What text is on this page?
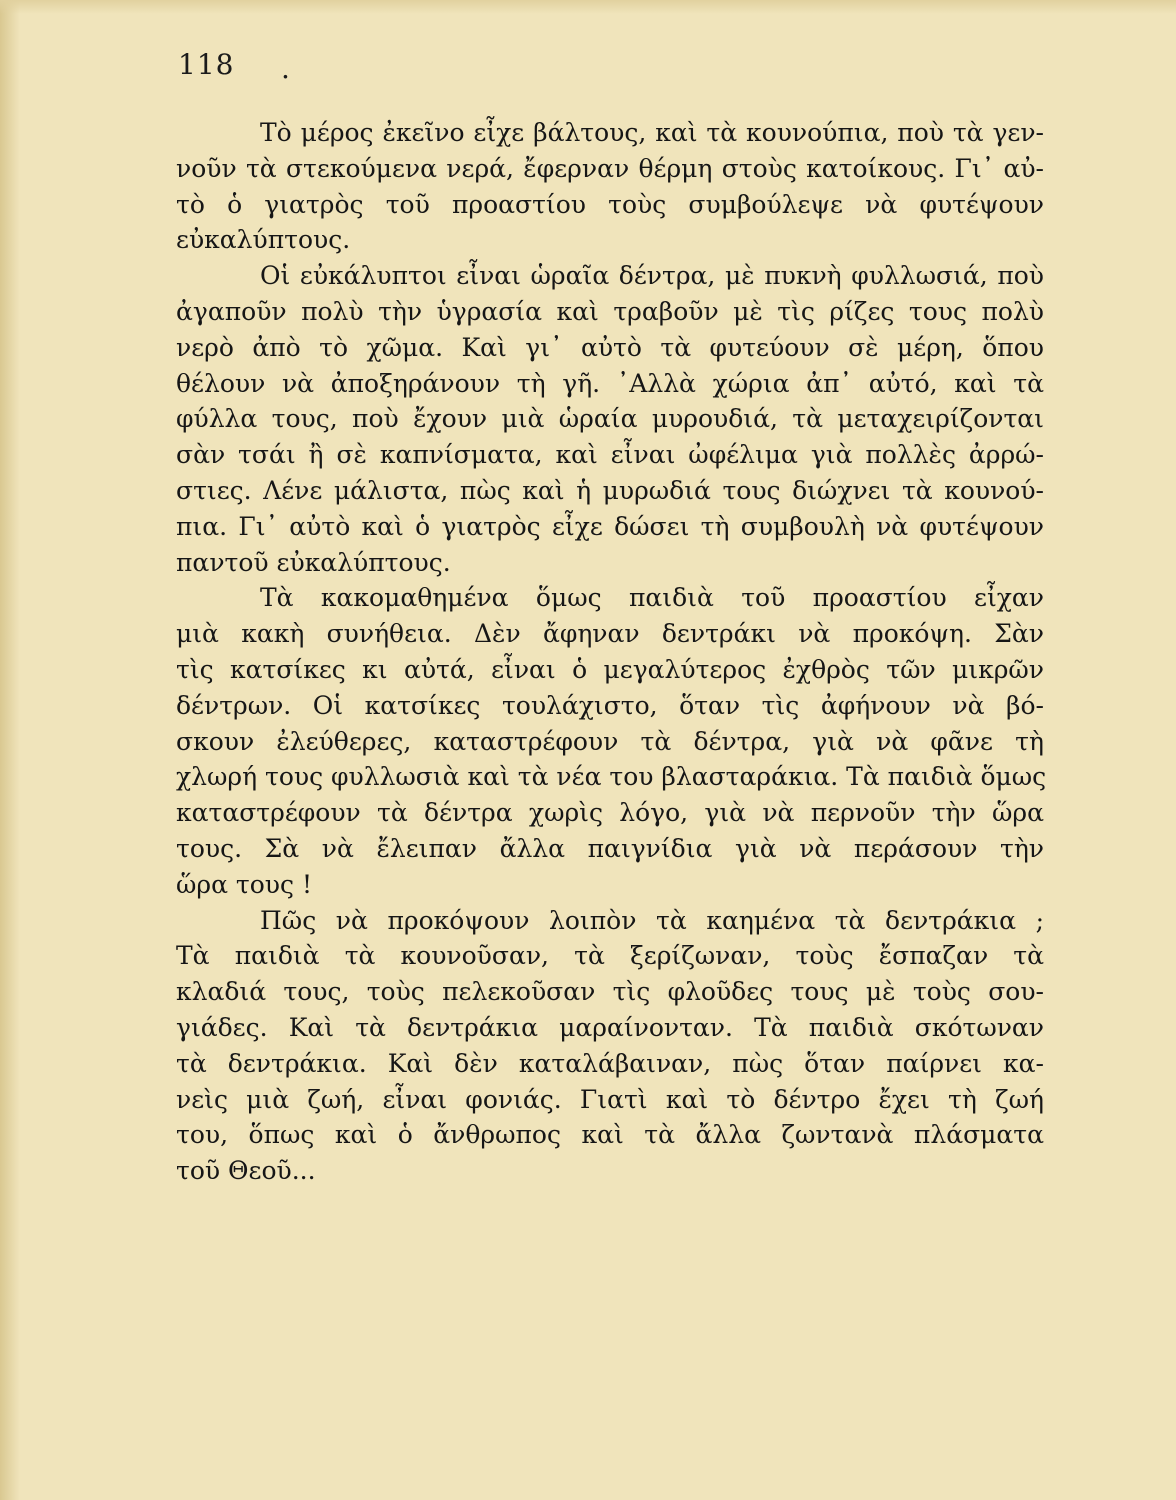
118 .
Τὸ μέρος ἐκεῖνο εἶχε βάλτους, καὶ τὰ κουνούπια, ποὺ τὰ γεν-
νοῦν τὰ στεκούμενα νερά, ἔφερναν θέρμη στοὺς κατοίκους. Γι᾽ αὐ-
τὸ ὁ γιατρὸς τοῦ προαστίου τοὺς συμβούλεψε νὰ φυτέψουν
εὐκαλύπτους.
Οἱ εὐκάλυπτοι εἶναι ὡραῖα δέντρα, μὲ πυκνὴ φυλλωσιά, ποὺ
ἀγαποῦν πολὺ τὴν ὑγρασία καὶ τραβοῦν μὲ τὶς ρίζες τους πολὺ
νερὸ ἀπὸ τὸ χῶμα. Καὶ γι᾽ αὐτὸ τὰ φυτεύουν σὲ μέρη, ὅπου
θέλουν νὰ ἀποξηράνουν τὴ γῆ. ᾿Αλλὰ χώρια ἀπ᾽ αὐτό, καὶ τὰ
φύλλα τους, ποὺ ἔχουν μιὰ ὡραία μυρουδιά, τὰ μεταχειρίζονται
σὰν τσάι ἢ σὲ καπνίσματα, καὶ εἶναι ὠφέλιμα γιὰ πολλὲς ἀρρώ-
στιες. Λένε μάλιστα, πὼς καὶ ἡ μυρωδιά τους διώχνει τὰ κουνού-
πια. Γι᾽ αὐτὸ καὶ ὁ γιατρὸς εἶχε δώσει τὴ συμβουλὴ νὰ φυτέψουν
παντοῦ εὐκαλύπτους.
Τὰ κακομαθημένα ὅμως παιδιὰ τοῦ προαστίου εἶχαν
μιὰ κακὴ συνήθεια. Δὲν ἄφηναν δεντράκι νὰ προκόψη. Σὰν
τὶς κατσίκες κι αὐτά, εἶναι ὁ μεγαλύτερος ἐχθρὸς τῶν μικρῶν
δέντρων. Οἱ κατσίκες τουλάχιστο, ὅταν τὶς ἀφήνουν νὰ βό-
σκουν ἐλεύθερες, καταστρέφουν τὰ δέντρα, γιὰ νὰ φᾶνε τὴ
χλωρή τους φυλλωσιὰ καὶ τὰ νέα του βλασταράκια. Τὰ παιδιὰ ὅμως
καταστρέφουν τὰ δέντρα χωρὶς λόγο, γιὰ νὰ περνοῦν τὴν ὥρα
τους. Σὰ νὰ ἔλειπαν ἄλλα παιγνίδια γιὰ νὰ περάσουν τὴν
ὥρα τους !
Πῶς νὰ προκόψουν λοιπὸν τὰ καημένα τὰ δεντράκια ;
Τὰ παιδιὰ τὰ κουνοῦσαν, τὰ ξερίζωναν, τοὺς ἔσπαζαν τὰ
κλαδιά τους, τοὺς πελεκοῦσαν τὶς φλοῦδες τους μὲ τοὺς σου-
γιάδες. Καὶ τὰ δεντράκια μαραίνονταν. Τὰ παιδιὰ σκότωναν
τὰ δεντράκια. Καὶ δὲν καταλάβαιναν, πὼς ὅταν παίρνει κα-
νεὶς μιὰ ζωή, εἶναι φονιάς. Γιατὶ καὶ τὸ δέντρο ἔχει τὴ ζωή
του, ὅπως καὶ ὁ ἄνθρωπος καὶ τὰ ἄλλα ζωντανὰ πλάσματα
τοῦ Θεοῦ...
